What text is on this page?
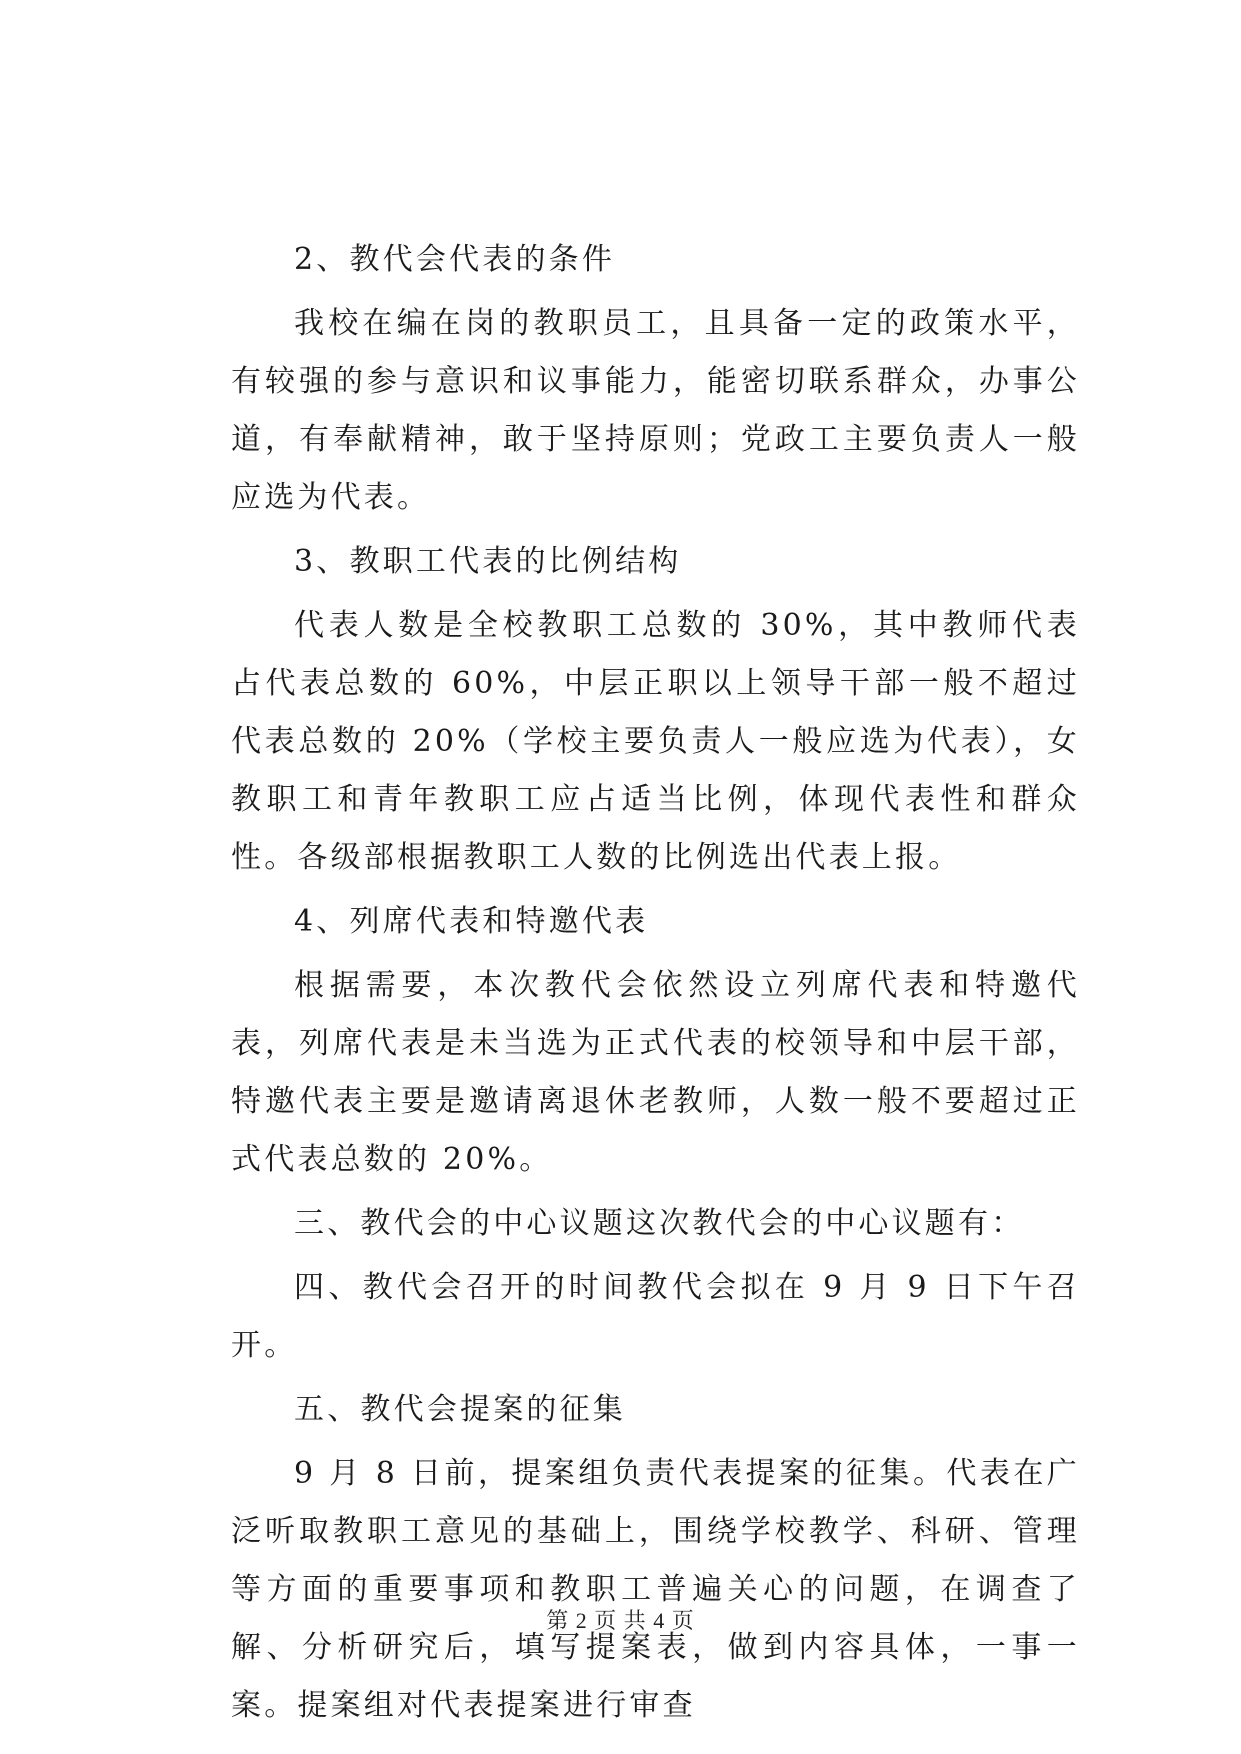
2、教代会代表的条件

我校在编在岗的教职员工，且具备一定的政策水平，有较强的参与意识和议事能力，能密切联系群众，办事公道，有奉献精神，敢于坚持原则；党政工主要负责人一般应选为代表。

3、教职工代表的比例结构

代表人数是全校教职工总数的 30%，其中教师代表占代表总数的 60%，中层正职以上领导干部一般不超过代表总数的 20%（学校主要负责人一般应选为代表），女教职工和青年教职工应占适当比例，体现代表性和群众性。各级部根据教职工人数的比例选出代表上报。

4、列席代表和特邀代表

根据需要，本次教代会依然设立列席代表和特邀代表，列席代表是未当选为正式代表的校领导和中层干部，特邀代表主要是邀请离退休老教师，人数一般不要超过正式代表总数的 20%。

三、教代会的中心议题这次教代会的中心议题有：

四、教代会召开的时间教代会拟在 9 月 9 日下午召开。

五、教代会提案的征集

9 月 8 日前，提案组负责代表提案的征集。代表在广泛听取教职工意见的基础上，围绕学校教学、科研、管理等方面的重要事项和教职工普遍关心的问题，在调查了解、分析研究后，填写提案表，做到内容具体，一事一案。提案组对代表提案进行审查

第 2 页 共 4 页
